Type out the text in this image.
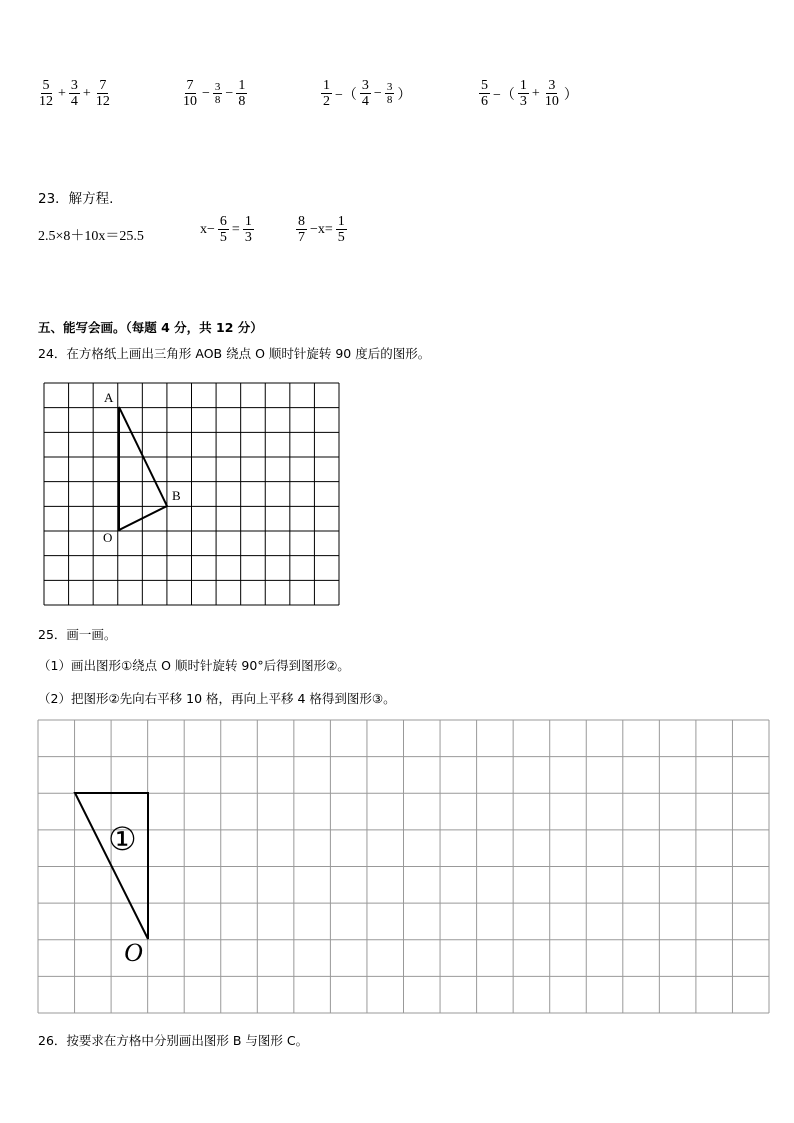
$\frac{5}{12} + \frac{3}{4} + \frac{7}{12}$	$\frac{7}{10} - \frac{3}{8} - \frac{1}{8}$	$\frac{1}{2}$ −（ $\frac{3}{4} - \frac{3}{8}$ ）	$\frac{5}{6}$ −（ $\frac{1}{3} + \frac{3}{10}$ ）
23．解方程.
2.5×8＋10x＝25.5	$x- \frac{6}{5} = \frac{1}{3}$	$\frac{8}{7} -x= \frac{1}{5}$
五、能写会画。（每题 4 分，共 12 分）
24．在方格纸上画出三角形 AOB 绕点 O 顺时针旋转 90 度后的图形。
A
B
O
25．画一画。
（1）画出图形①绕点 O 顺时针旋转 90°后得到图形②。
（2）把图形②先向右平移 10 格，再向上平移 4 格得到图形③。
①
O
26．按要求在方格中分别画出图形 B 与图形 C。
